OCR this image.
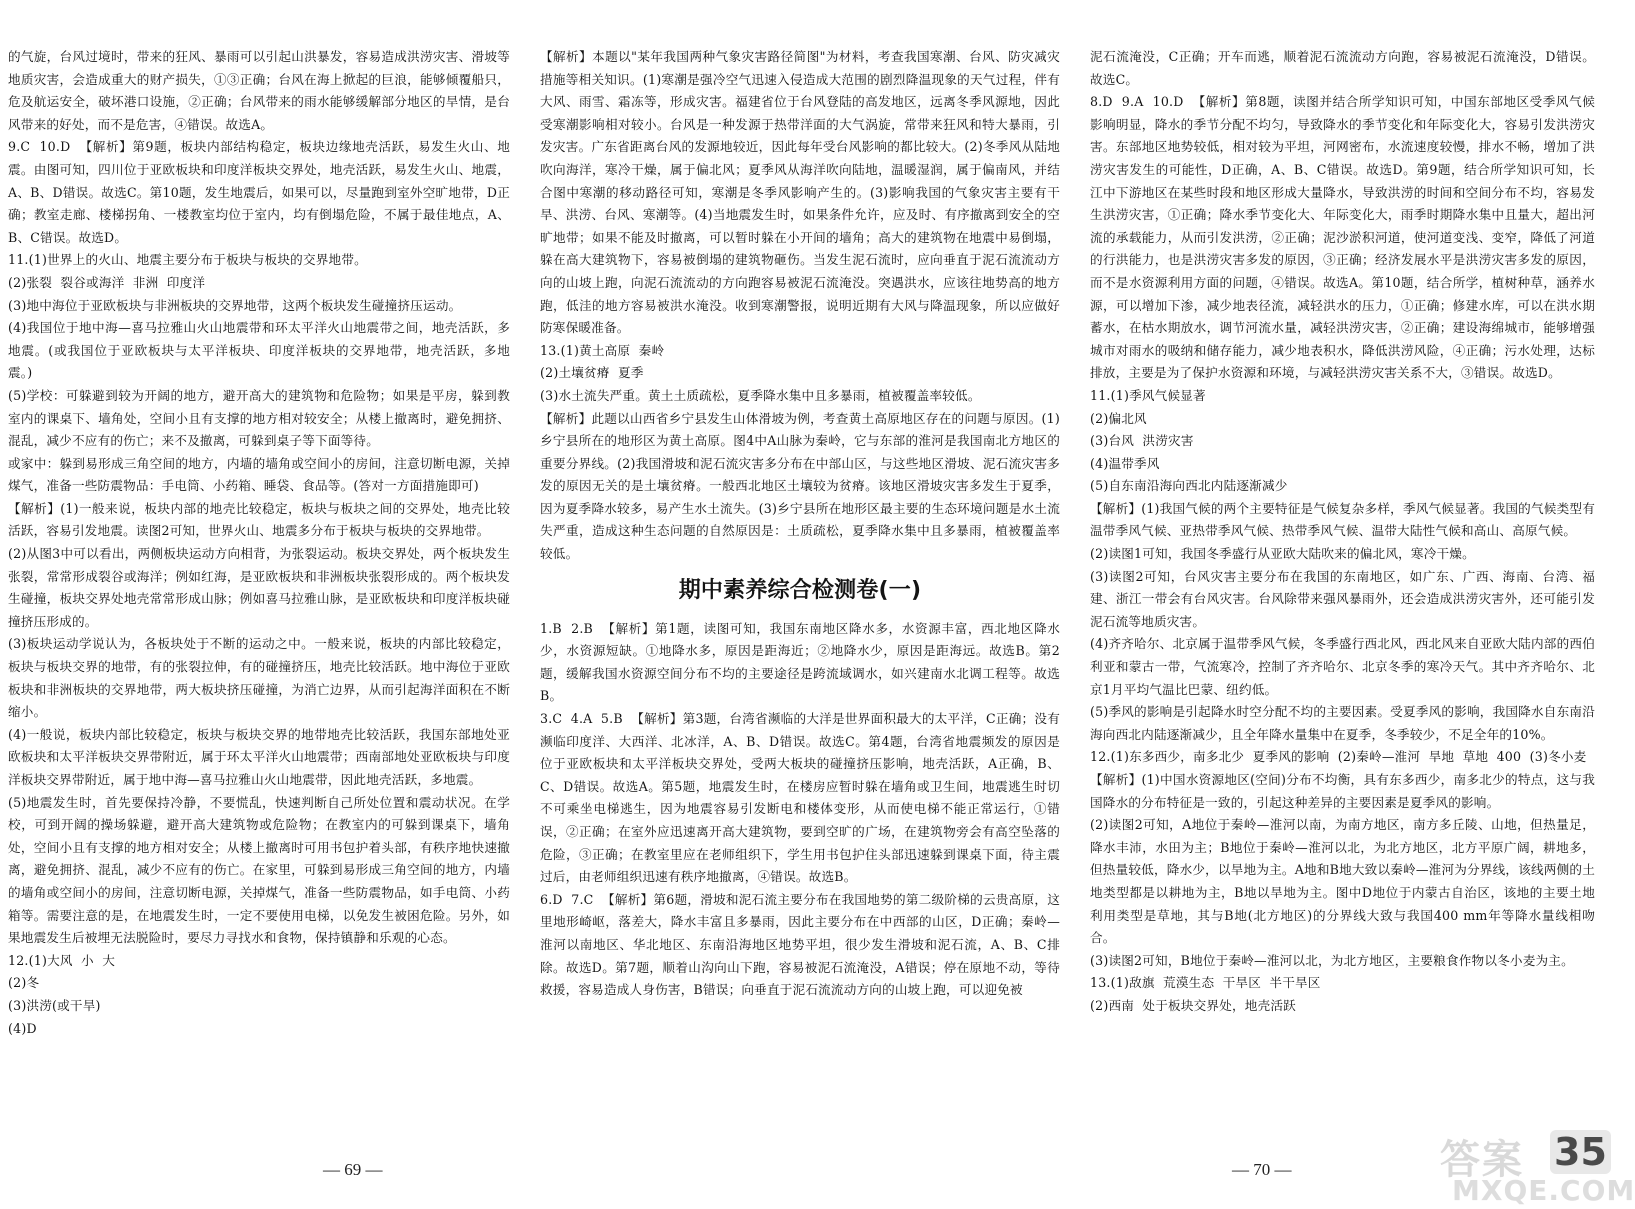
的气旋，台风过境时，带来的狂风、暴雨可以引起山洪暴发，容易造成洪涝灾害、滑坡等地质灾害，会造成重大的财产损失，①③正确；台风在海上掀起的巨浪，能够倾覆船只，危及航运安全，破坏港口设施，②正确；台风带来的雨水能够缓解部分地区的旱情，是台风带来的好处，而不是危害，④错误。故选A。

9.C  10.D  【解析】第9题，板块内部结构稳定，板块边缘地壳活跃，易发生火山、地震。由图可知，四川位于亚欧板块和印度洋板块交界处，地壳活跃，易发生火山、地震，A、B、D错误。故选C。第10题，发生地震后，如果可以，尽量跑到室外空旷地带，D正确；教室走廊、楼梯拐角、一楼教室均位于室内，均有倒塌危险，不属于最佳地点，A、B、C错误。故选D。

11.(1)世界上的火山、地震主要分布于板块与板块的交界地带。

(2)张裂  裂谷或海洋  非洲  印度洋

(3)地中海位于亚欧板块与非洲板块的交界地带，这两个板块发生碰撞挤压运动。

(4)我国位于地中海—喜马拉雅山火山地震带和环太平洋火山地震带之间，地壳活跃，多地震。(或我国位于亚欧板块与太平洋板块、印度洋板块的交界地带，地壳活跃，多地震。)

(5)学校：可躲避到较为开阔的地方，避开高大的建筑物和危险物；如果是平房，躲到教室内的课桌下、墙角处，空间小且有支撑的地方相对较安全；从楼上撤离时，避免拥挤、混乱，减少不应有的伤亡；来不及撤离，可躲到桌子等下面等待。

或家中：躲到易形成三角空间的地方，内墙的墙角或空间小的房间，注意切断电源，关掉煤气，准备一些防震物品：手电筒、小药箱、睡袋、食品等。(答对一方面措施即可)

【解析】(1)一般来说，板块内部的地壳比较稳定，板块与板块之间的交界处，地壳比较活跃，容易引发地震。读图2可知，世界火山、地震多分布于板块与板块的交界地带。

(2)从图3中可以看出，两侧板块运动方向相背，为张裂运动。板块交界处，两个板块发生张裂，常常形成裂谷或海洋；例如红海，是亚欧板块和非洲板块张裂形成的。两个板块发生碰撞，板块交界处地壳常常形成山脉；例如喜马拉雅山脉，是亚欧板块和印度洋板块碰撞挤压形成的。

(3)板块运动学说认为，各板块处于不断的运动之中。一般来说，板块的内部比较稳定，板块与板块交界的地带，有的张裂拉伸，有的碰撞挤压，地壳比较活跃。地中海位于亚欧板块和非洲板块的交界地带，两大板块挤压碰撞，为消亡边界，从而引起海洋面积在不断缩小。

(4)一般说，板块内部比较稳定，板块与板块交界的地带地壳比较活跃，我国东部地处亚欧板块和太平洋板块交界带附近，属于环太平洋火山地震带；西南部地处亚欧板块与印度洋板块交界带附近，属于地中海—喜马拉雅山火山地震带，因此地壳活跃，多地震。

(5)地震发生时，首先要保持冷静，不要慌乱，快速判断自己所处位置和震动状况。在学校，可到开阔的操场躲避，避开高大建筑物或危险物；在教室内的可躲到课桌下，墙角处，空间小且有支撑的地方相对安全；从楼上撤离时可用书包护着头部，有秩序地快速撤离，避免拥挤、混乱，减少不应有的伤亡。在家里，可躲到易形成三角空间的地方，内墙的墙角或空间小的房间，注意切断电源，关掉煤气，准备一些防震物品，如手电筒、小药箱等。需要注意的是，在地震发生时，一定不要使用电梯，以免发生被困危险。另外，如果地震发生后被埋无法脱险时，要尽力寻找水和食物，保持镇静和乐观的心态。

12.(1)大风  小  大

(2)冬

(3)洪涝(或干旱)

(4)D

【解析】本题以"某年我国两种气象灾害路径简图"为材料，考查我国寒潮、台风、防灾减灾措施等相关知识。(1)寒潮是强冷空气迅速入侵造成大范围的剧烈降温现象的天气过程，伴有大风、雨雪、霜冻等，形成灾害。福建省位于台风登陆的高发地区，远离冬季风源地，因此受寒潮影响相对较小。台风是一种发源于热带洋面的大气涡旋，常带来狂风和特大暴雨，引发灾害。广东省距离台风的发源地较近，因此每年受台风影响的都比较大。(2)冬季风从陆地吹向海洋，寒冷干燥，属于偏北风；夏季风从海洋吹向陆地，温暖湿润，属于偏南风，并结合图中寒潮的移动路径可知，寒潮是冬季风影响产生的。(3)影响我国的气象灾害主要有干旱、洪涝、台风、寒潮等。(4)当地震发生时，如果条件允许，应及时、有序撤离到安全的空旷地带；如果不能及时撤离，可以暂时躲在小开间的墙角；高大的建筑物在地震中易倒塌，躲在高大建筑物下，容易被倒塌的建筑物砸伤。当发生泥石流时，应向垂直于泥石流流动方向的山坡上跑，向泥石流流动的方向跑容易被泥石流淹没。突遇洪水，应该往地势高的地方跑，低洼的地方容易被洪水淹没。收到寒潮警报，说明近期有大风与降温现象，所以应做好防寒保暖准备。

13.(1)黄土高原  秦岭

(2)土壤贫瘠  夏季

(3)水土流失严重。黄土土质疏松，夏季降水集中且多暴雨，植被覆盖率较低。

【解析】此题以山西省乡宁县发生山体滑坡为例，考查黄土高原地区存在的问题与原因。(1)乡宁县所在的地形区为黄土高原。图4中A山脉为秦岭，它与东部的淮河是我国南北方地区的重要分界线。(2)我国滑坡和泥石流灾害多分布在中部山区，与这些地区滑坡、泥石流灾害多发的原因无关的是土壤贫瘠。一般西北地区土壤较为贫瘠。该地区滑坡灾害多发生于夏季，因为夏季降水较多，易产生水土流失。(3)乡宁县所在地形区最主要的生态环境问题是水土流失严重，造成这种生态问题的自然原因是：土质疏松，夏季降水集中且多暴雨，植被覆盖率较低。

期中素养综合检测卷(一)

1.B  2.B  【解析】第1题，读图可知，我国东南地区降水多，水资源丰富，西北地区降水少，水资源短缺。①地降水多，原因是距海近；②地降水少，原因是距海远。故选B。第2题，缓解我国水资源空间分布不均的主要途径是跨流域调水，如兴建南水北调工程等。故选B。

3.C  4.A  5.B  【解析】第3题，台湾省濒临的大洋是世界面积最大的太平洋，C正确；没有濒临印度洋、大西洋、北冰洋，A、B、D错误。故选C。第4题，台湾省地震频发的原因是位于亚欧板块和太平洋板块交界处，受两大板块的碰撞挤压影响，地壳活跃，A正确，B、C、D错误。故选A。第5题，地震发生时，在楼房应暂时躲在墙角或卫生间，地震逃生时切不可乘坐电梯逃生，因为地震容易引发断电和楼体变形，从而使电梯不能正常运行，①错误，②正确；在室外应迅速离开高大建筑物，要到空旷的广场，在建筑物旁会有高空坠落的危险，③正确；在教室里应在老师组织下，学生用书包护住头部迅速躲到课桌下面，待主震过后，由老师组织迅速有秩序地撤离，④错误。故选B。

6.D  7.C  【解析】第6题，滑坡和泥石流主要分布在我国地势的第二级阶梯的云贵高原，这里地形崎岖，落差大，降水丰富且多暴雨，因此主要分布在中西部的山区，D正确；秦岭—淮河以南地区、华北地区、东南沿海地区地势平坦，很少发生滑坡和泥石流，A、B、C排除。故选D。第7题，顺着山沟向山下跑，容易被泥石流淹没，A错误；停在原地不动，等待救援，容易造成人身伤害，B错误；向垂直于泥石流流动方向的山坡上跑，可以迎免被

泥石流淹没，C正确；开车而逃，顺着泥石流流动方向跑，容易被泥石流淹没，D错误。故选C。

8.D  9.A  10.D  【解析】第8题，读图并结合所学知识可知，中国东部地区受季风气候影响明显，降水的季节分配不均匀，导致降水的季节变化和年际变化大，容易引发洪涝灾害。东部地区地势较低，相对较为平坦，河网密布，水流速度较慢，排水不畅，增加了洪涝灾害发生的可能性，D正确，A、B、C错误。故选D。第9题，结合所学知识可知，长江中下游地区在某些时段和地区形成大量降水，导致洪涝的时间和空间分布不均，容易发生洪涝灾害，①正确；降水季节变化大、年际变化大，雨季时期降水集中且量大，超出河流的承载能力，从而引发洪涝，②正确；泥沙淤积河道，使河道变浅、变窄，降低了河道的行洪能力，也是洪涝灾害多发的原因，③正确；经济发展水平是洪涝灾害多发的原因，而不是水资源利用方面的问题，④错误。故选A。第10题，结合所学，植树种草，涵养水源，可以增加下渗，减少地表径流，减轻洪水的压力，①正确；修建水库，可以在洪水期蓄水，在枯水期放水，调节河流水量，减轻洪涝灾害，②正确；建设海绵城市，能够增强城市对雨水的吸纳和储存能力，减少地表积水，降低洪涝风险，④正确；污水处理，达标排放，主要是为了保护水资源和环境，与减轻洪涝灾害关系不大，③错误。故选D。

11.(1)季风气候显著

(2)偏北风

(3)台风  洪涝灾害

(4)温带季风

(5)自东南沿海向西北内陆逐渐减少

【解析】(1)我国气候的两个主要特征是气候复杂多样，季风气候显著。我国的气候类型有温带季风气候、亚热带季风气候、热带季风气候、温带大陆性气候和高山、高原气候。

(2)读图1可知，我国冬季盛行从亚欧大陆吹来的偏北风，寒冷干燥。

(3)读图2可知，台风灾害主要分布在我国的东南地区，如广东、广西、海南、台湾、福建、浙江一带会有台风灾害。台风除带来强风暴雨外，还会造成洪涝灾害外，还可能引发泥石流等地质灾害。

(4)齐齐哈尔、北京属于温带季风气候，冬季盛行西北风，西北风来自亚欧大陆内部的西伯利亚和蒙古一带，气流寒冷，控制了齐齐哈尔、北京冬季的寒冷天气。其中齐齐哈尔、北京1月平均气温比巴蒙、纽约低。

(5)季风的影响是引起降水时空分配不均的主要因素。受夏季风的影响，我国降水自东南沿海向西北内陆逐渐减少，且全年降水量集中在夏季，冬季较少，不足全年的10%。

12.(1)东多西少，南多北少  夏季风的影响  (2)秦岭—淮河  旱地  草地  400  (3)冬小麦

【解析】(1)中国水资源地区(空间)分布不均衡，具有东多西少，南多北少的特点，这与我国降水的分布特征是一致的，引起这种差异的主要因素是夏季风的影响。

(2)读图2可知，A地位于秦岭—淮河以南，为南方地区，南方多丘陵、山地，但热量足，降水丰沛，水田为主；B地位于秦岭—淮河以北，为北方地区，北方平原广阔，耕地多，但热量较低，降水少，以旱地为主。A地和B地大致以秦岭—淮河为分界线，该线两侧的土地类型都是以耕地为主，B地以旱地为主。图中D地位于内蒙古自治区，该地的主要土地利用类型是草地，其与B地(北方地区)的分界线大致与我国400 mm年等降水量线相吻合。

(3)读图2可知，B地位于秦岭—淮河以北，为北方地区，主要粮食作物以冬小麦为主。

13.(1)敌旗  荒漠生态  干旱区  半干旱区

(2)西南  处于板块交界处，地壳活跃

— 69 —	— 70 —	答案 35
MXQE.COM
